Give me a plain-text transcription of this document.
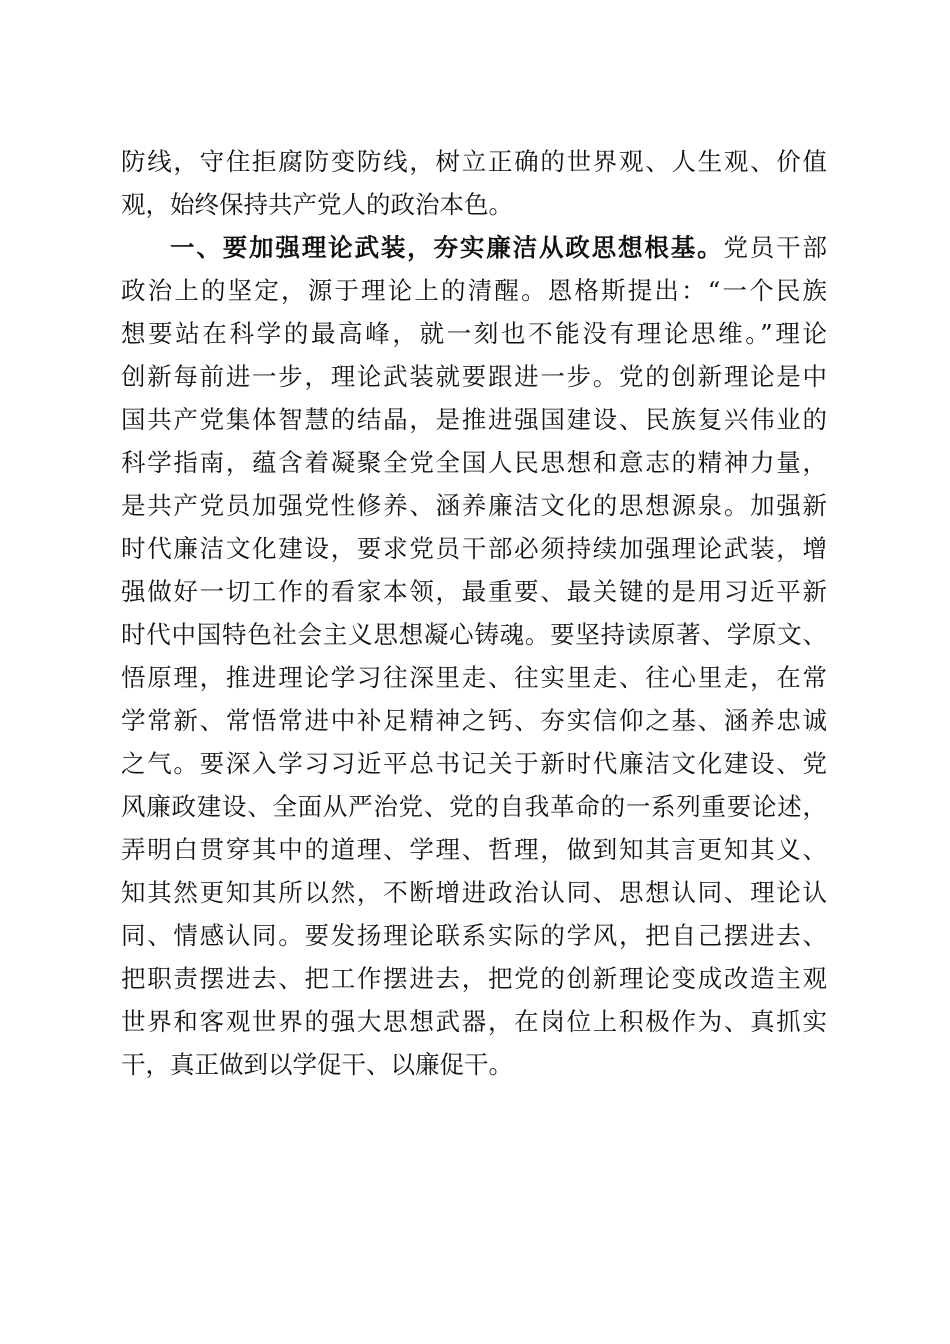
防线，守住拒腐防变防线，树立正确的世界观、人生观、价值
观，始终保持共产党人的政治本色。
一、要加强理论武装，夯实廉洁从政思想根基。党员干部
政治上的坚定，源于理论上的清醒。恩格斯提出：“一个民族
想要站在科学的最高峰，就一刻也不能没有理论思维。”理论
创新每前进一步，理论武装就要跟进一步。党的创新理论是中
国共产党集体智慧的结晶，是推进强国建设、民族复兴伟业的
科学指南，蕴含着凝聚全党全国人民思想和意志的精神力量，
是共产党员加强党性修养、涵养廉洁文化的思想源泉。加强新
时代廉洁文化建设，要求党员干部必须持续加强理论武装，增
强做好一切工作的看家本领，最重要、最关键的是用习近平新
时代中国特色社会主义思想凝心铸魂。要坚持读原著、学原文、
悟原理，推进理论学习往深里走、往实里走、往心里走，在常
学常新、常悟常进中补足精神之钙、夯实信仰之基、涵养忠诚
之气。要深入学习习近平总书记关于新时代廉洁文化建设、党
风廉政建设、全面从严治党、党的自我革命的一系列重要论述，
弄明白贯穿其中的道理、学理、哲理，做到知其言更知其义、
知其然更知其所以然，不断增进政治认同、思想认同、理论认
同、情感认同。要发扬理论联系实际的学风，把自己摆进去、
把职责摆进去、把工作摆进去，把党的创新理论变成改造主观
世界和客观世界的强大思想武器，在岗位上积极作为、真抓实
干，真正做到以学促干、以廉促干。
